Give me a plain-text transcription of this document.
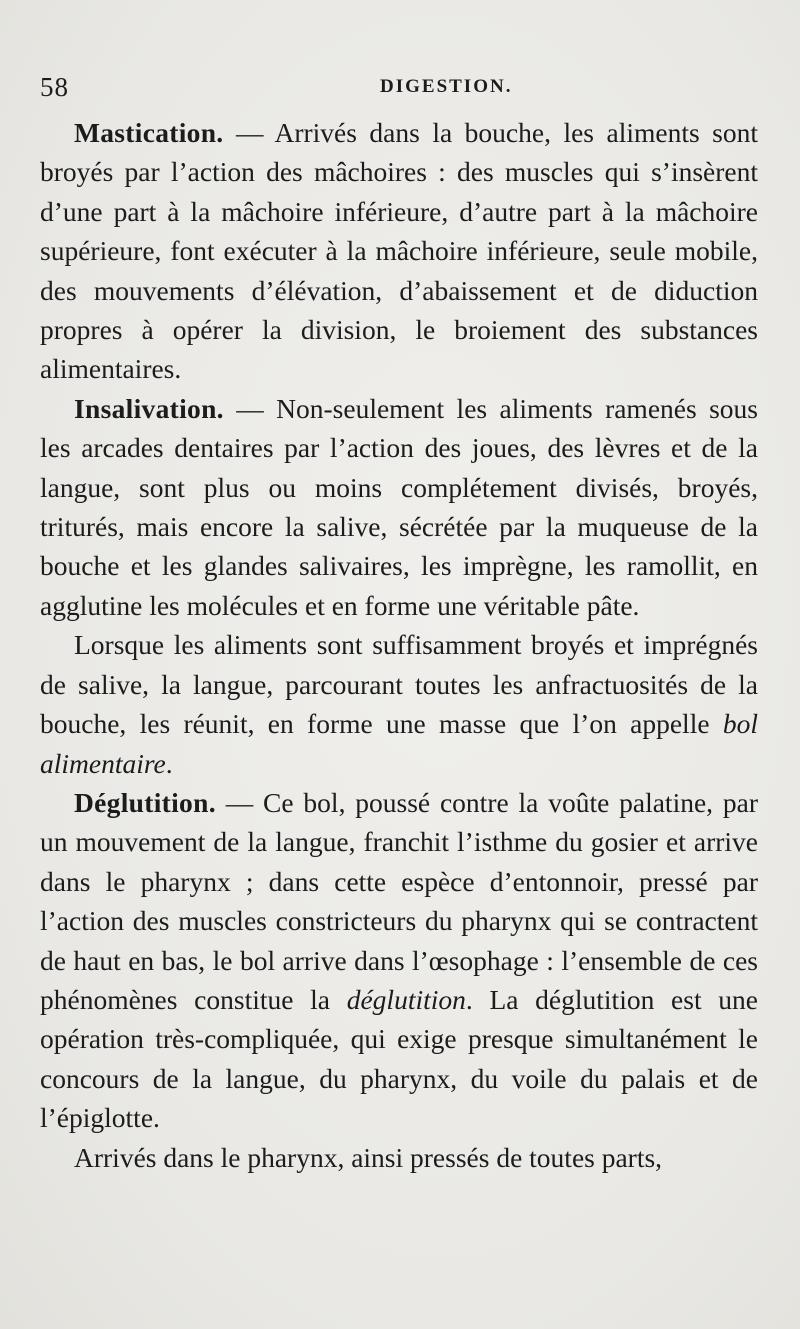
58	DIGESTION.

Mastication. — Arrivés dans la bouche, les aliments sont broyés par l’action des mâchoires : des muscles qui s’insèrent d’une part à la mâchoire inférieure, d’autre part à la mâchoire supérieure, font exécuter à la mâchoire inférieure, seule mobile, des mouvements d’élévation, d’abaissement et de diduction propres à opérer la division, le broiement des substances alimentaires.

Insalivation. — Non-seulement les aliments ramenés sous les arcades dentaires par l’action des joues, des lèvres et de la langue, sont plus ou moins complétement divisés, broyés, triturés, mais encore la salive, sécrétée par la muqueuse de la bouche et les glandes salivaires, les imprègne, les ramollit, en agglutine les molécules et en forme une véritable pâte.

Lorsque les aliments sont suffisamment broyés et imprégnés de salive, la langue, parcourant toutes les anfractuosités de la bouche, les réunit, en forme une masse que l’on appelle bol alimentaire.

Déglutition. — Ce bol, poussé contre la voûte palatine, par un mouvement de la langue, franchit l’isthme du gosier et arrive dans le pharynx ; dans cette espèce d’entonnoir, pressé par l’action des muscles constricteurs du pharynx qui se contractent de haut en bas, le bol arrive dans l’œsophage : l’ensemble de ces phénomènes constitue la déglutition. La déglutition est une opération très-compliquée, qui exige presque simultanément le concours de la langue, du pharynx, du voile du palais et de l’épiglotte.

Arrivés dans le pharynx, ainsi pressés de toutes parts,
